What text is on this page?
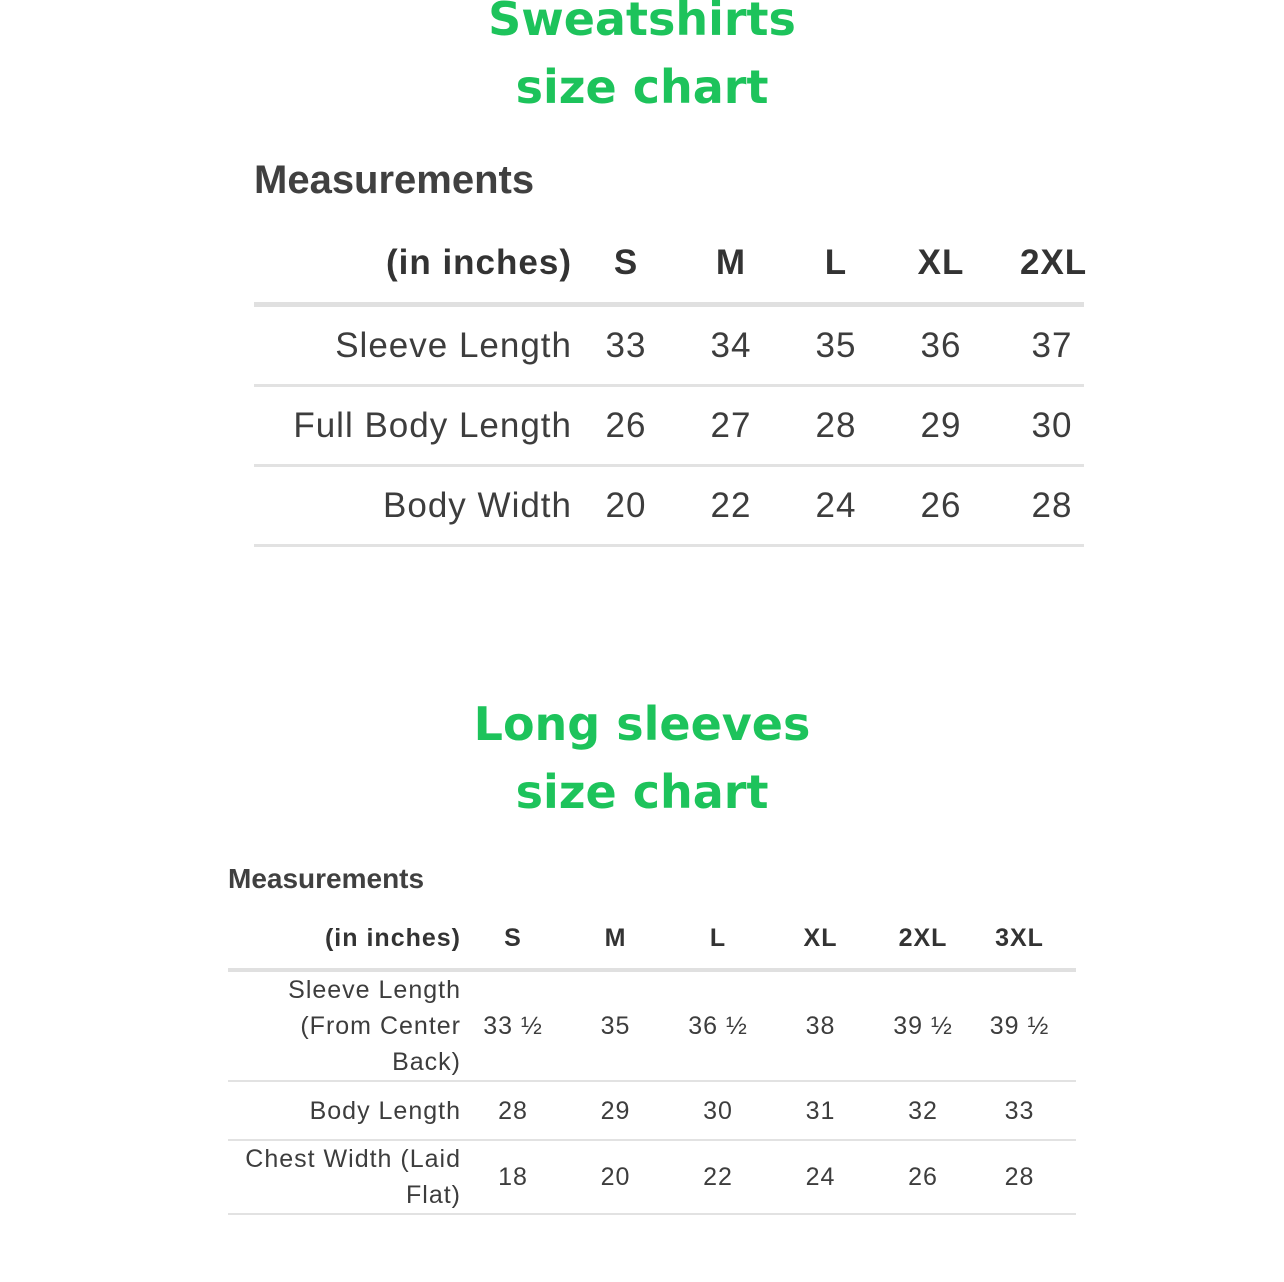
Sweatshirts
size chart
Measurements
(in inches)	S	M	L	XL	2XL
Sleeve Length	33	34	35	36	37
Full Body Length	26	27	28	29	30
Body Width	20	22	24	26	28
Long sleeves
size chart
Measurements
(in inches)	S	M	L	XL	2XL	3XL
Sleeve Length (From Center Back)	33 ½	35	36 ½	38	39 ½	39 ½
Body Length	28	29	30	31	32	33
Chest Width (Laid Flat)	18	20	22	24	26	28
